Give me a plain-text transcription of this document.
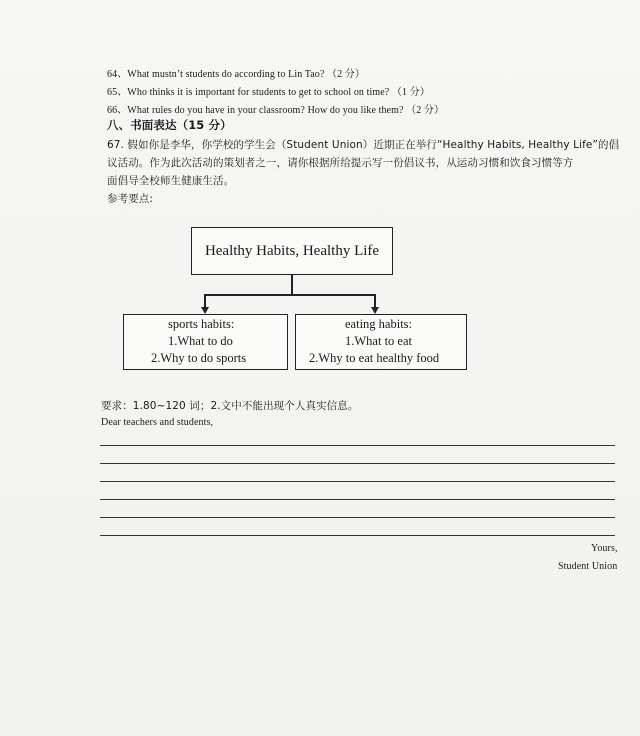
64、What mustn’t students do according to Lin Tao? （2 分）
65、Who thinks it is important for students to get to school on time? （1 分）
66、What rules do you have in your classroom? How do you like them? （2 分）
八、书面表达（15 分）
67. 假如你是李华，你学校的学生会（Student Union）近期正在举行“Healthy Habits, Healthy Life”的倡
议活动。作为此次活动的策划者之一，请你根据所给提示写一份倡议书，从运动习惯和饮食习惯等方
面倡导全校师生健康生活。
参考要点:
Healthy Habits, Healthy Life
sports habits:
1.What to do
2.Why to do sports
eating habits:
1.What to eat
2.Why to eat healthy food
要求：1.80~120 词；2.文中不能出现个人真实信息。
Dear teachers and students,
Yours,
Student Union
